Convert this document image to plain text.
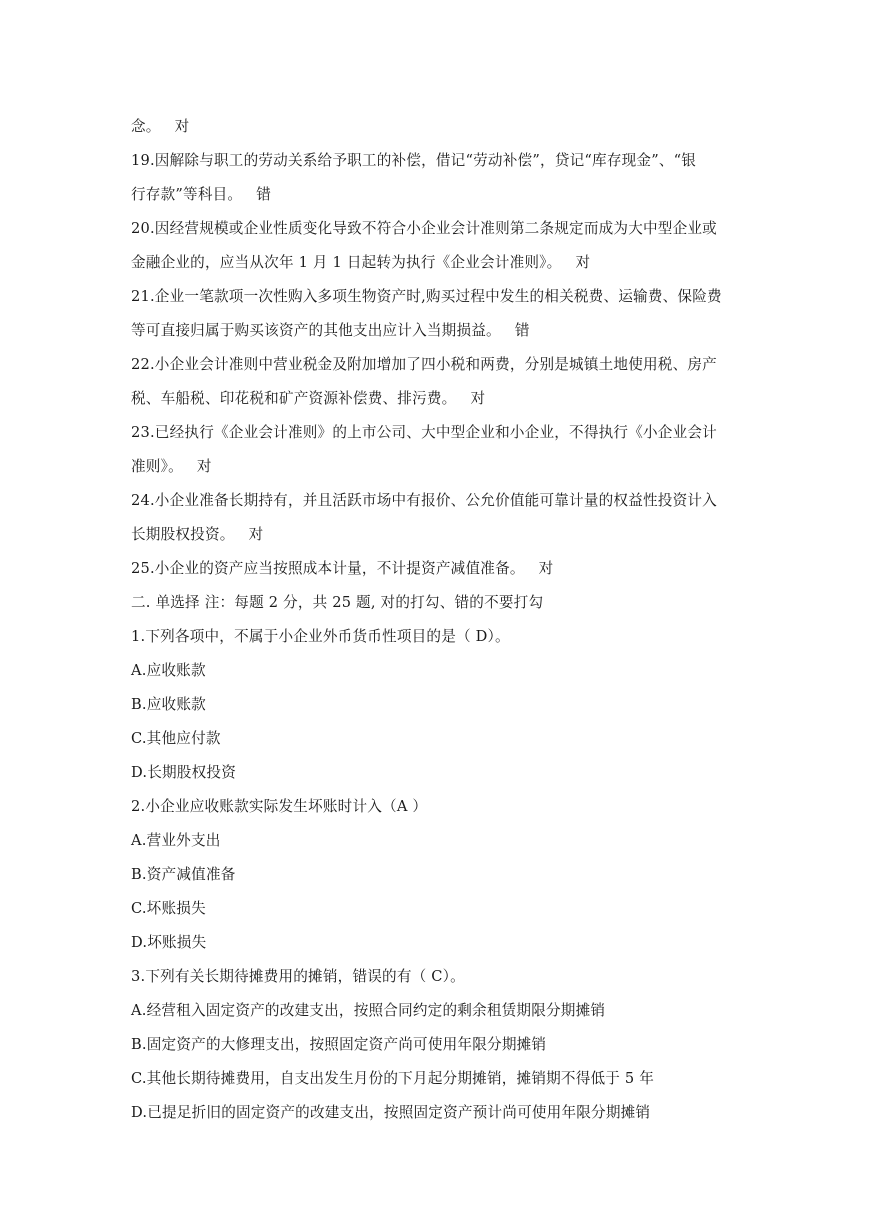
念。 对
19.因解除与职工的劳动关系给予职工的补偿，借记“劳动补偿”，贷记“库存现金”、“银
行存款”等科目。 错
20.因经营规模或企业性质变化导致不符合小企业会计准则第二条规定而成为大中型企业或
金融企业的，应当从次年 1 月 1 日起转为执行《企业会计准则》。 对
21.企业一笔款项一次性购入多项生物资产时,购买过程中发生的相关税费、运输费、保险费
等可直接归属于购买该资产的其他支出应计入当期损益。 错
22.小企业会计准则中营业税金及附加增加了四小税和两费，分别是城镇土地使用税、房产
税、车船税、印花税和矿产资源补偿费、排污费。 对
23.已经执行《企业会计准则》的上市公司、大中型企业和小企业，不得执行《小企业会计
准则》。 对
24.小企业准备长期持有，并且活跃市场中有报价、公允价值能可靠计量的权益性投资计入
长期股权投资。 对
25.小企业的资产应当按照成本计量，不计提资产减值准备。 对
二. 单选择 注：每题 2 分，共 25 题, 对的打勾、错的不要打勾
1.下列各项中，不属于小企业外币货币性项目的是（ D）。
A.应收账款
B.应收账款
C.其他应付款
D.长期股权投资
2.小企业应收账款实际发生坏账时计入（A ）
A.营业外支出
B.资产减值准备
C.坏账损失
D.坏账损失
3.下列有关长期待摊费用的摊销，错误的有（ C）。
A.经营租入固定资产的改建支出，按照合同约定的剩余租赁期限分期摊销
B.固定资产的大修理支出，按照固定资产尚可使用年限分期摊销
C.其他长期待摊费用，自支出发生月份的下月起分期摊销，摊销期不得低于 5 年
D.已提足折旧的固定资产的改建支出，按照固定资产预计尚可使用年限分期摊销
